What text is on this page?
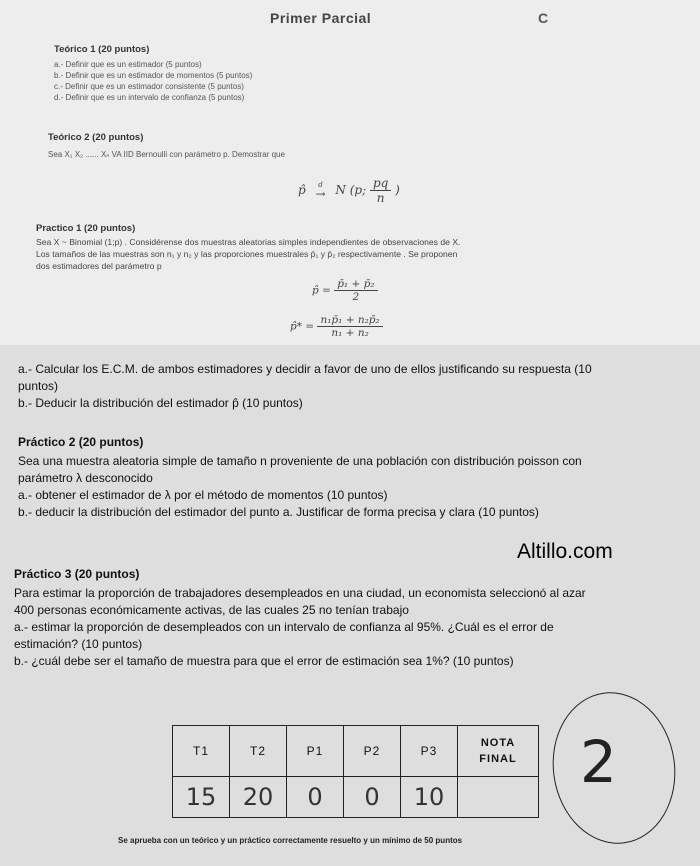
Primer Parcial	C
Teórico 1 (20 puntos)
a.- Definir que es un estimador (5 puntos)
b.- Definir que es un estimador de momentos (5 puntos)
c.- Definir que es un estimador consistente (5 puntos)
d.- Definir que es un intervalo de confianza (5 puntos)
Teórico 2 (20 puntos)
Sea X₁ X₂ ...... Xₙ VA IID Bernoulli con parámetro p. Demostrar que
p̂ d
→ N (p; $\frac{pq}{n}$ )
Practico 1 (20 puntos)
Sea X ~ Binomial (1;p) . Considérense dos muestras aleatorias simples independientes de observaciones de X.
Los tamaños de las muestras son n₁ y n₂ y las proporciones muestrales p̄₁ y p̄₂ respectivamente . Se proponen
dos estimadores del parámetro p
p̂ = $\frac{\text{p̄₁ + p̄₂}}{2}$
p̂* = $\frac{\text{n₁p̄₁ + n₂p̄₂}}{\text{n₁ + n₂}}$
a.- Calcular los E.C.M. de ambos estimadores y decidir a favor de uno de ellos justificando su respuesta (10
puntos)
b.- Deducir la distribución del estimador p̂ (10 puntos)
Práctico 2 (20 puntos)
Sea una muestra aleatoria simple de tamaño n proveniente de una población con distribución poisson con
parámetro λ desconocido
a.- obtener el estimador de λ por el método de momentos (10 puntos)
b.- deducir la distribución del estimador del punto a. Justificar de forma precisa y clara (10 puntos)
Altillo.com
Práctico 3 (20 puntos)
Para estimar la proporción de trabajadores desempleados en una ciudad, un economista seleccionó al azar
400 personas económicamente activas, de las cuales 25 no tenían trabajo
a.- estimar la proporción de desempleados con un intervalo de confianza al 95%. ¿Cuál es el error de
estimación? (10 puntos)
b.- ¿cuál debe ser el tamaño de muestra para que el error de estimación sea 1%? (10 puntos)
T1	T2	P1	P2	P3	NOTA
FINAL

15	20	0	0	10	
2
Se aprueba con un teórico y un práctico correctamente resuelto y un mínimo de 50 puntos
